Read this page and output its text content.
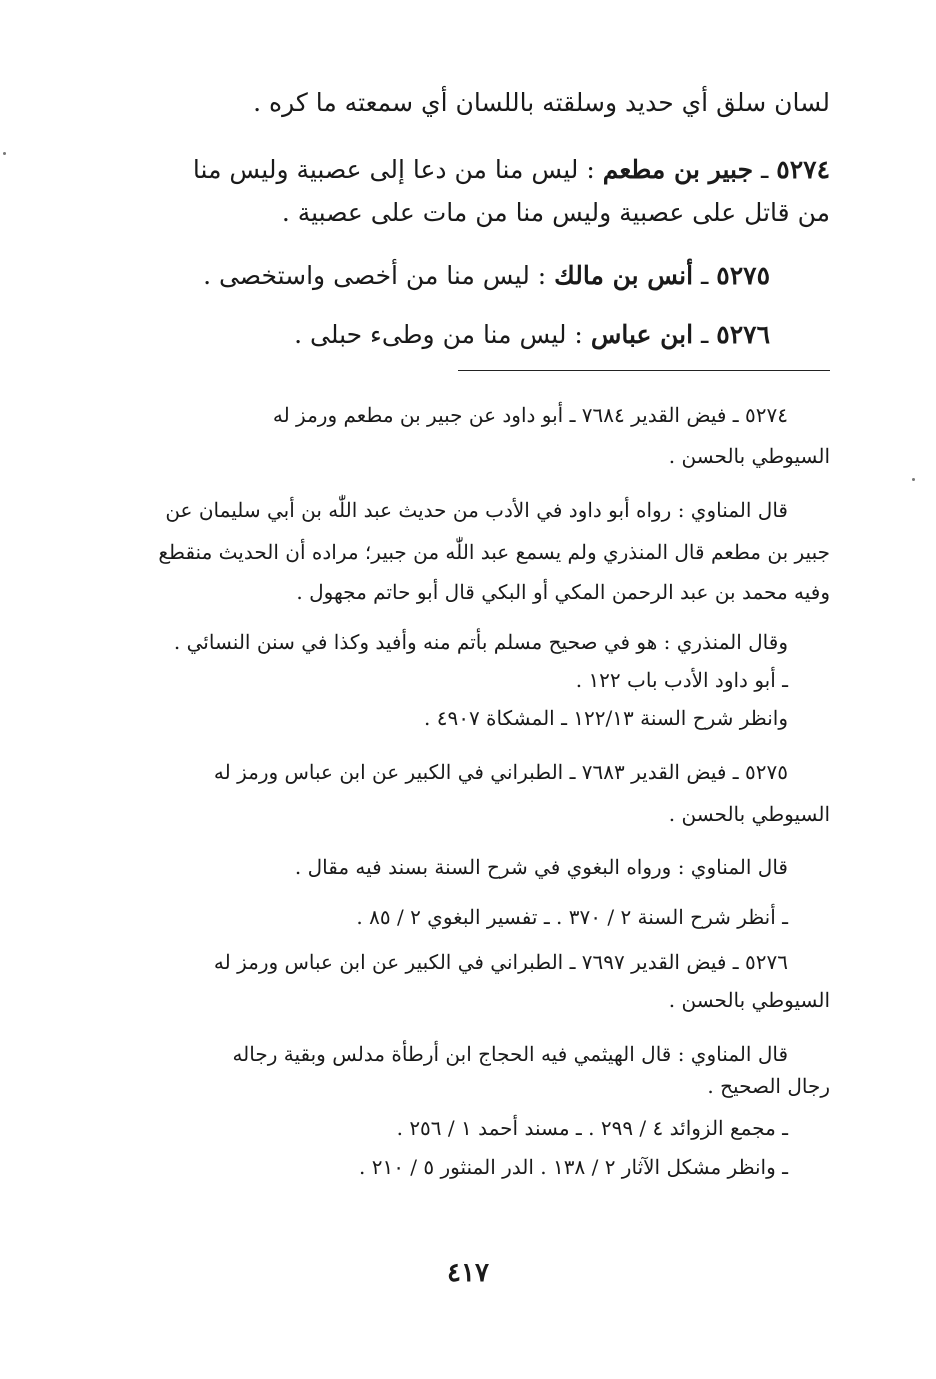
لسان سلق أي حديد وسلقته باللسان أي سمعته ما كره .
٥٢٧٤ ـ جبير بن مطعم : ليس منا من دعا إلى عصبية وليس منا
من قاتل على عصبية وليس منا من مات على عصبية .
٥٢٧٥ ـ أنس بن مالك : ليس منا من أخصى واستخصى .
٥٢٧٦ ـ ابن عباس : ليس منا من وطىء حبلى .
٥٢٧٤ ـ فيض القدير ٧٦٨٤ ـ أبو داود عن جبير بن مطعم ورمز له
السيوطي بالحسن .
قال المناوي : رواه أبو داود في الأدب من حديث عبد اللّٰه بن أبي سليمان عن
جبير بن مطعم قال المنذري ولم يسمع عبد اللّٰه من جبير؛ مراده أن الحديث منقطع
وفيه محمد بن عبد الرحمن المكي أو البكي قال أبو حاتم مجهول .
وقال المنذري : هو في صحيح مسلم بأتم منه وأفيد وكذا في سنن النسائي .
ـ أبو داود الأدب باب ١٢٢ .
وانظر شرح السنة ١٢٢/١٣ ـ المشكاة ٤٩٠٧ .
٥٢٧٥ ـ فيض القدير ٧٦٨٣ ـ الطبراني في الكبير عن ابن عباس ورمز له
السيوطي بالحسن .
قال المناوي : ورواه البغوي في شرح السنة بسند فيه مقال .
ـ أنظر شرح السنة ٢ / ٣٧٠ . ـ تفسير البغوي ٢ / ٨٥ .
٥٢٧٦ ـ فيض القدير ٧٦٩٧ ـ الطبراني في الكبير عن ابن عباس ورمز له
السيوطي بالحسن .
قال المناوي : قال الهيثمي فيه الحجاج ابن أرطأة مدلس وبقية رجاله
رجال الصحيح .
ـ مجمع الزوائد ٤ / ٢٩٩ . ـ مسند أحمد ١ / ٢٥٦ .
ـ وانظر مشكل الآثار ٢ / ١٣٨ . الدر المنثور ٥ / ٢١٠ .
٤١٧
